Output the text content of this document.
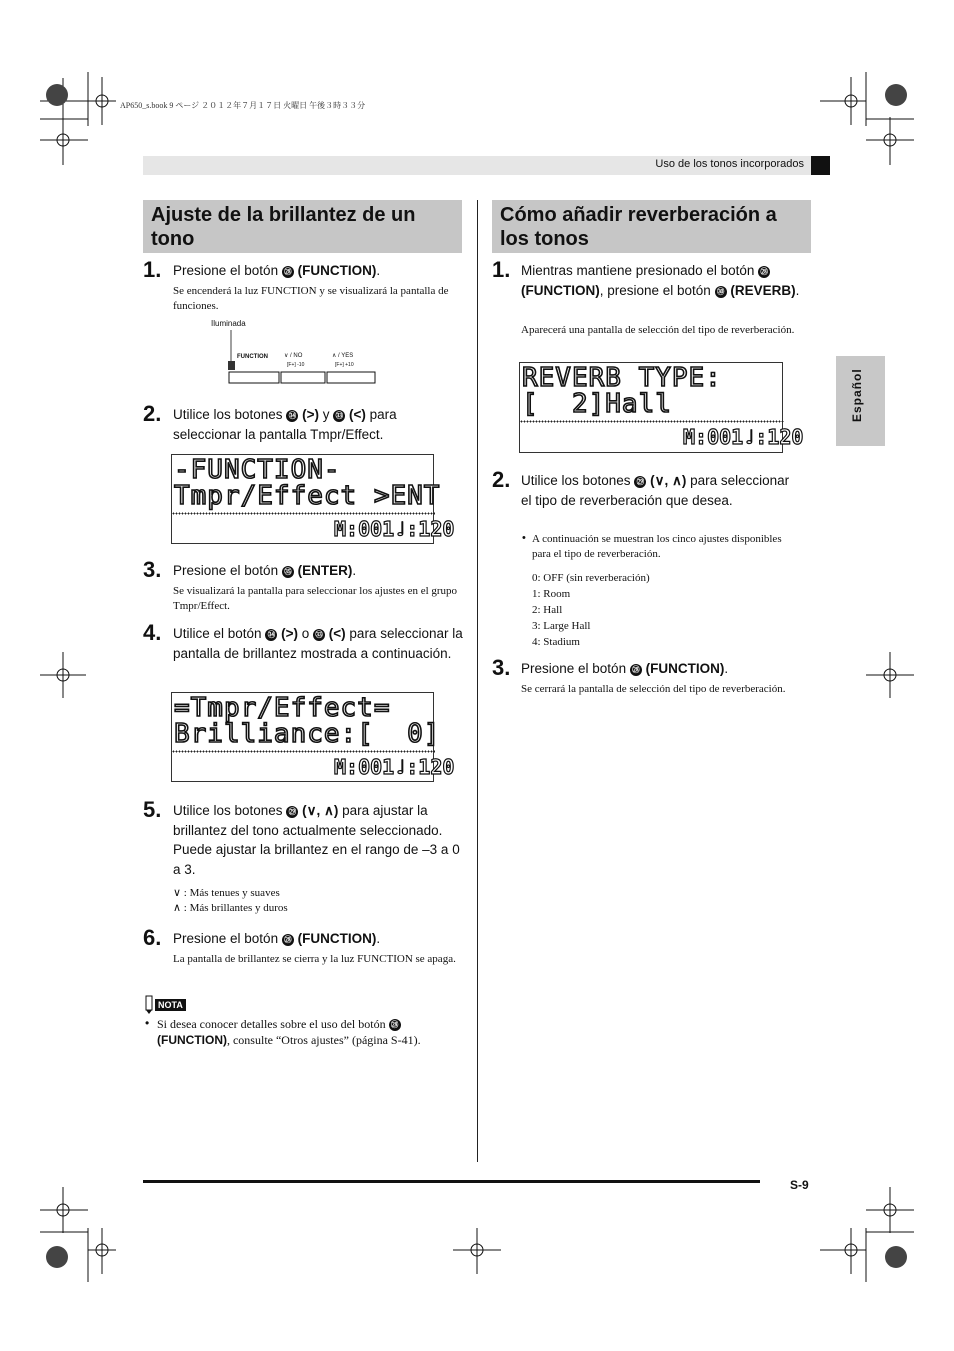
AP650_s.book 9 ページ ２０１２年７月１７日 火曜日 午後３時３３分
Uso de los tonos incorporados
Español
Ajuste de la brillantez de un tono
1. Presione el botón ㉘ (FUNCTION).
Se encenderá la luz FUNCTION y se visualizará la pantalla de funciones.
Iluminada
FUNCTION	∨ / NO	∧ / YES
[F+] -10	[F+] +10
2. Utilice los botones ㉞ (>) y ㉝ (<) para seleccionar la pantalla Tmpr/Effect.
-FUNCTION-
Tmpr/Effect >ENT
M:001♩:120
3. Presione el botón ㉟ (ENTER).
Se visualizará la pantalla para seleccionar los ajustes en el grupo Tmpr/Effect.
4. Utilice el botón ㉞ (>) o ㉝ (<) para seleccionar la pantalla de brillantez mostrada a continuación.
=Tmpr/Effect=
Brilliance:[  0]
M:001♩:120
5. Utilice los botones ㉙ (∨, ∧) para ajustar la brillantez del tono actualmente seleccionado. Puede ajustar la brillantez en el rango de –3 a 0 a 3.
∨ : Más tenues y suaves
∧ : Más brillantes y duros
6. Presione el botón ㉘ (FUNCTION).
La pantalla de brillantez se cierra y la luz FUNCTION se apaga.
NOTA
• Si desea conocer detalles sobre el uso del botón ㉘ (FUNCTION), consulte “Otros ajustes” (página S-41).
Cómo añadir reverberación a los tonos
1. Mientras mantiene presionado el botón ㉘ (FUNCTION), presione el botón ㉚ (REVERB).
Aparecerá una pantalla de selección del tipo de reverberación.
REVERB TYPE:
[  2]Hall
M:001♩:120
2. Utilice los botones ㉙ (∨, ∧) para seleccionar el tipo de reverberación que desea.
• A continuación se muestran los cinco ajustes disponibles para el tipo de reverberación.
0: OFF (sin reverberación)
1: Room
2: Hall
3: Large Hall
4: Stadium
3. Presione el botón ㉘ (FUNCTION).
Se cerrará la pantalla de selección del tipo de reverberación.
S-9
